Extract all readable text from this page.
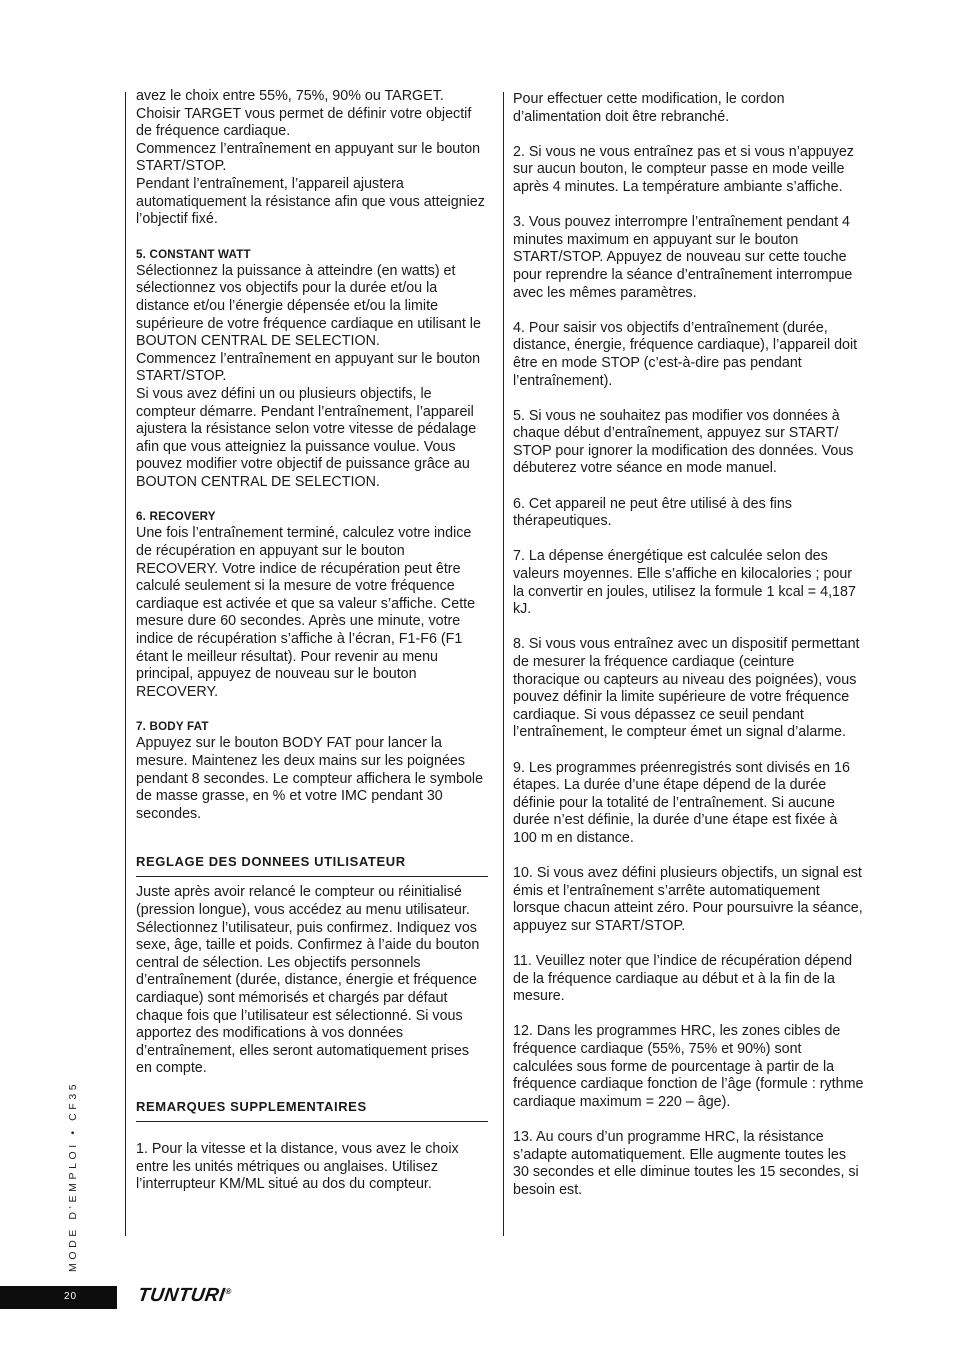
avez le choix entre 55%, 75%, 90% ou TARGET.
Choisir TARGET vous permet de définir votre objectif de fréquence cardiaque.
Commencez l’entraînement en appuyant sur le bouton START/STOP.
Pendant l’entraînement, l’appareil ajustera automatiquement la résistance afin que vous atteigniez l’objectif fixé.

5. CONSTANT WATT

Sélectionnez la puissance à atteindre (en watts) et sélectionnez vos objectifs pour la durée et/ou la distance et/ou l’énergie dépensée et/ou la limite supérieure de votre fréquence cardiaque en utilisant le BOUTON CENTRAL DE SELECTION.
Commencez l’entraînement en appuyant sur le bouton START/STOP.
Si vous avez défini un ou plusieurs objectifs, le compteur démarre. Pendant l’entraînement, l’appareil ajustera la résistance selon votre vitesse de pédalage afin que vous atteigniez la puissance voulue. Vous pouvez modifier votre objectif de puissance grâce au BOUTON CENTRAL DE SELECTION.

6. RECOVERY

Une fois l’entraînement terminé, calculez votre indice de récupération en appuyant sur le bouton RECOVERY. Votre indice de récupération peut être calculé seulement si la mesure de votre fréquence cardiaque est activée et que sa valeur s’affiche. Cette mesure dure 60 secondes. Après une minute, votre indice de récupération s’affiche à l’écran, F1-F6 (F1 étant le meilleur résultat). Pour revenir au menu principal, appuyez de nouveau sur le bouton RECOVERY.

7. BODY FAT

Appuyez sur le bouton BODY FAT pour lancer la mesure. Maintenez les deux mains sur les poignées pendant 8 secondes. Le compteur affichera le symbole de masse grasse, en % et votre IMC pendant 30 secondes.

REGLAGE DES DONNEES UTILISATEUR

Juste après avoir relancé le compteur ou réinitialisé (pression longue), vous accédez au menu utilisateur. Sélectionnez l’utilisateur, puis confirmez. Indiquez vos sexe, âge, taille et poids. Confirmez à l’aide du bouton central de sélection. Les objectifs personnels d’entraînement (durée, distance, énergie et fréquence cardiaque) sont mémorisés et chargés par défaut chaque fois que l’utilisateur est sélectionné. Si vous apportez des modifications à vos données d’entraînement, elles seront automatiquement prises en compte.

REMARQUES SUPPLEMENTAIRES

1. Pour la vitesse et la distance, vous avez le choix entre les unités métriques ou anglaises. Utilisez l’interrupteur KM/ML situé au dos du compteur.

Pour effectuer cette modification, le cordon d’alimentation doit être rebranché.

2. Si vous ne vous entraînez pas et si vous n’appuyez sur aucun bouton, le compteur passe en mode veille après 4 minutes. La température ambiante s’affiche.

3. Vous pouvez interrompre l’entraînement pendant 4 minutes maximum en appuyant sur le bouton START/STOP. Appuyez de nouveau sur cette touche pour reprendre la séance d’entraînement interrompue avec les mêmes paramètres.

4. Pour saisir vos objectifs d’entraînement (durée, distance, énergie, fréquence cardiaque), l’appareil doit être en mode STOP (c’est-à-dire pas pendant l’entraînement).

5. Si vous ne souhaitez pas modifier vos données à chaque début d’entraînement, appuyez sur START/ STOP pour ignorer la modification des données. Vous débuterez votre séance en mode manuel.

6. Cet appareil ne peut être utilisé à des fins thérapeutiques.

7. La dépense énergétique est calculée selon des valeurs moyennes. Elle s’affiche en kilocalories ; pour la convertir en joules, utilisez la formule 1 kcal = 4,187 kJ.

8. Si vous vous entraînez avec un dispositif permettant de mesurer la fréquence cardiaque (ceinture thoracique ou capteurs au niveau des poignées), vous pouvez définir la limite supérieure de votre fréquence cardiaque. Si vous dépassez ce seuil pendant l’entraînement, le compteur émet un signal d’alarme.

9. Les programmes préenregistrés sont divisés en 16 étapes. La durée d’une étape dépend de la durée définie pour la totalité de l’entraînement. Si aucune durée n’est définie, la durée d’une étape est fixée à 100 m en distance.

10. Si vous avez défini plusieurs objectifs, un signal est émis et l’entraînement s’arrête automatiquement lorsque chacun atteint zéro. Pour poursuivre la séance, appuyez sur START/STOP.

11. Veuillez noter que l’indice de récupération dépend de la fréquence cardiaque au début et à la fin de la mesure.

12. Dans les programmes HRC, les zones cibles de fréquence cardiaque (55%, 75% et 90%) sont calculées sous forme de pourcentage à partir de la fréquence cardiaque fonction de l’âge (formule : rythme cardiaque maximum = 220 – âge).

13. Au cours d’un programme HRC, la résistance s’adapte automatiquement. Elle augmente toutes les 30 secondes et elle diminue toutes les 15 secondes, si besoin est.

MODE D’EMPLOI • CF35
20	TUNTURI®
